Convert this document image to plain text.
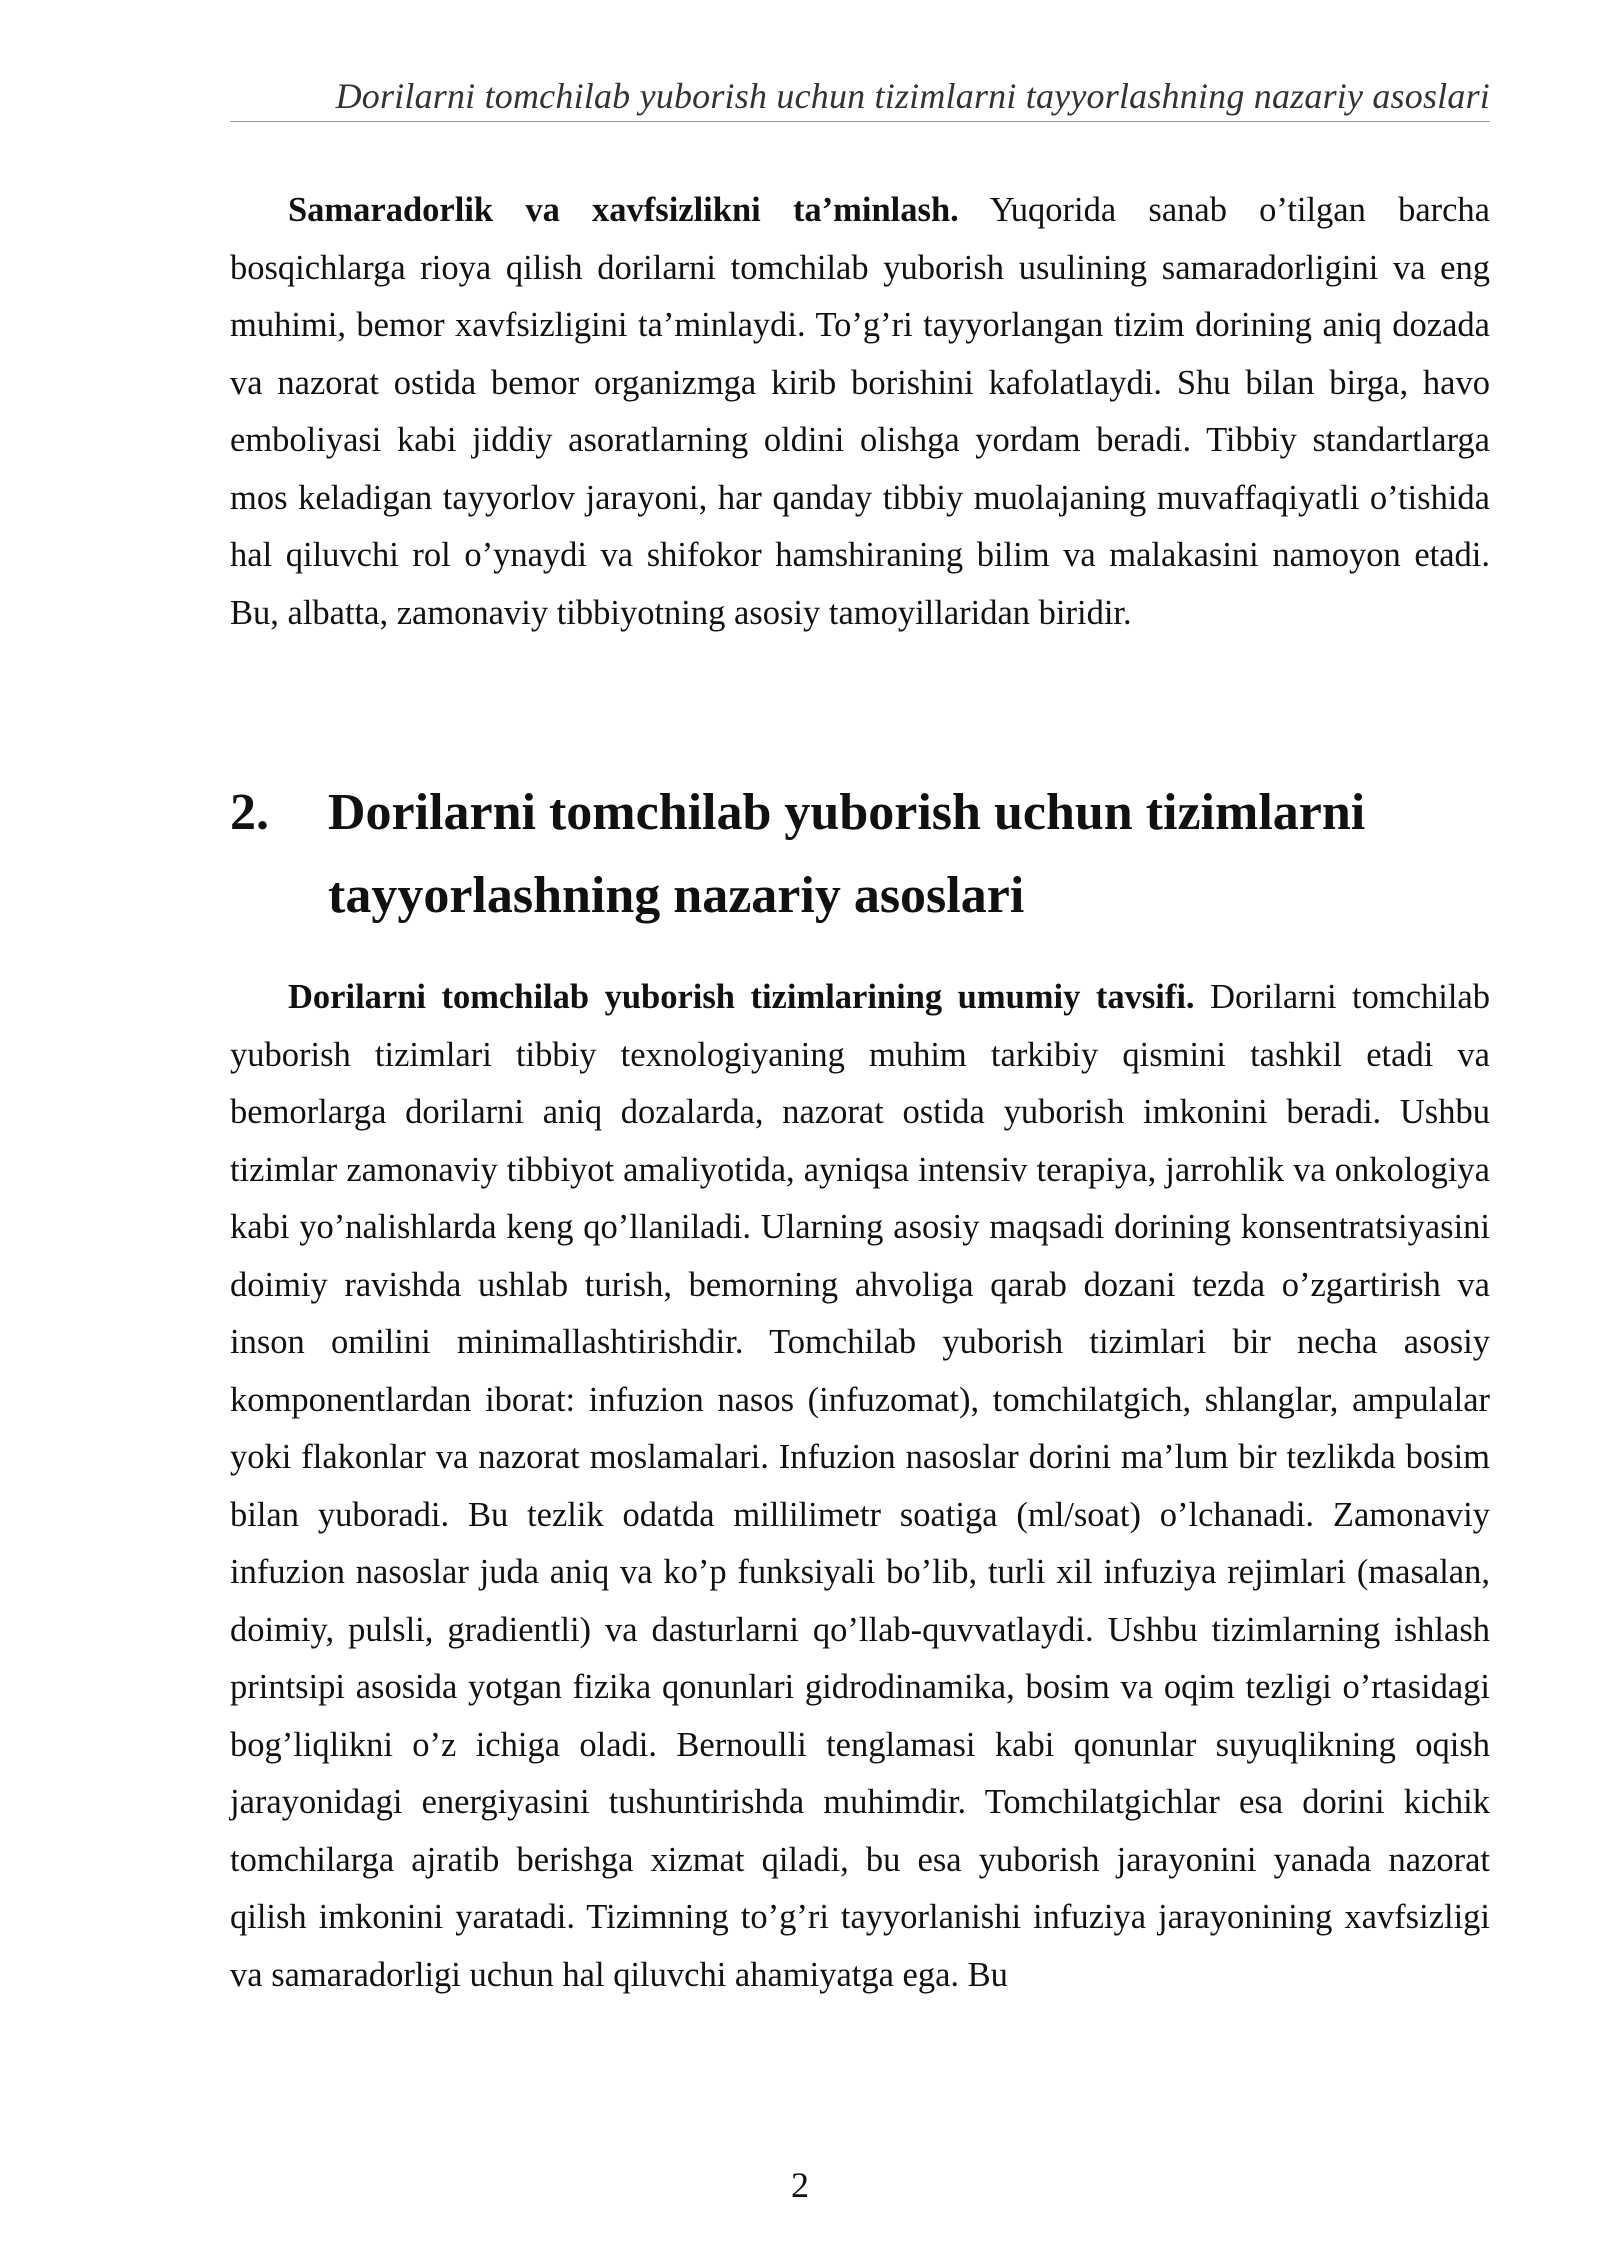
Dorilarni tomchilab yuborish uchun tizimlarni tayyorlashning nazariy asoslari

Samaradorlik va xavfsizlikni ta’minlash. Yuqorida sanab o’tilgan barcha bosqichlarga rioya qilish dorilarni tomchilab yuborish usulining samaradorligini va eng muhimi, bemor xavfsizligini ta’minlaydi. To’g’ri tayyorlangan tizim dorining aniq dozada va nazorat ostida bemor organizmga kirib borishini kafolatlaydi. Shu bilan birga, havo emboliyasi kabi jiddiy asoratlarning oldini olishga yordam beradi. Tibbiy standartlarga mos keladigan tayyorlov jarayoni, har qanday tibbiy muolajaning muvaffaqiyatli o’tishida hal qiluvchi rol o’ynaydi va shifokor hamshiraning bilim va malakasini namoyon etadi. Bu, albatta, zamonaviy tibbiyotning asosiy tamoyillaridan biridir.

2.	Dorilarni tomchilab yuborish uchun tizimlarni tayyorlashning nazariy asoslari

Dorilarni tomchilab yuborish tizimlarining umumiy tavsifi. Dorilarni tomchilab yuborish tizimlari tibbiy texnologiyaning muhim tarkibiy qismini tashkil etadi va bemorlarga dorilarni aniq dozalarda, nazorat ostida yuborish imkonini beradi. Ushbu tizimlar zamonaviy tibbiyot amaliyotida, ayniqsa intensiv terapiya, jarrohlik va onkologiya kabi yo’nalishlarda keng qo’llaniladi. Ularning asosiy maqsadi dorining konsentratsiyasini doimiy ravishda ushlab turish, bemorning ahvoliga qarab dozani tezda o’zgartirish va inson omilini minimallashtirishdir. Tomchilab yuborish tizimlari bir necha asosiy komponentlardan iborat: infuzion nasos (infuzomat), tomchilatgich, shlanglar, ampulalar yoki flakonlar va nazorat moslamalari. Infuzion nasoslar dorini ma’lum bir tezlikda bosim bilan yuboradi. Bu tezlik odatda millilimetr soatiga (ml/soat) o’lchanadi. Zamonaviy infuzion nasoslar juda aniq va ko’p funksiyali bo’lib, turli xil infuziya rejimlari (masalan, doimiy, pulsli, gradientli) va dasturlarni qo’llab-quvvatlaydi. Ushbu tizimlarning ishlash printsipi asosida yotgan fizika qonunlari gidrodinamika, bosim va oqim tezligi o’rtasidagi bog’liqlikni o’z ichiga oladi. Bernoulli tenglamasi kabi qonunlar suyuqlikning oqish jarayonidagi energiyasini tushuntirishda muhimdir. Tomchilatgichlar esa dorini kichik tomchilarga ajratib berishga xizmat qiladi, bu esa yuborish jarayonini yanada nazorat qilish imkonini yaratadi. Tizimning to’g’ri tayyorlanishi infuziya jarayonining xavfsizligi va samaradorligi uchun hal qiluvchi ahamiyatga ega. Bu

2
